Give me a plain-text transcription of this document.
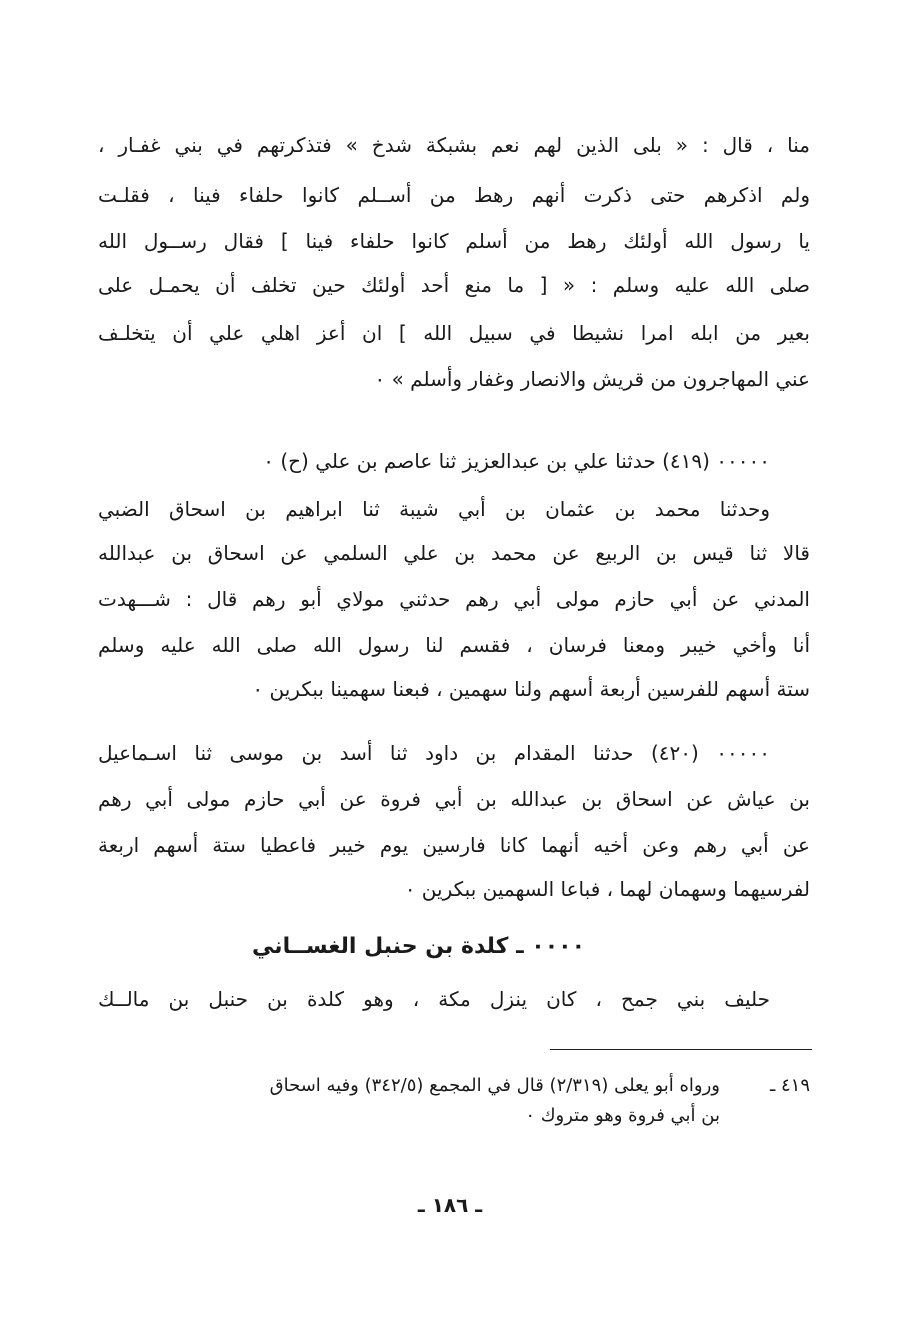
منا ، قال : « بلى الذين لهم نعم بشبكة شدخ » فتذكرتهم في بني غفـار ،
ولم اذكرهم حتى ذكرت أنهم رهط من أســلم كانوا حلفاء فينا ، فقلـت
يا رسول الله أولئك رهط من أسلم كانوا حلفاء فينا ] فقال رســول الله
صلى الله عليه وسلم : « [ ما منع أحد أولئك حين تخلف أن يحمـل على
بعير من ابله امرا نشيطا في سبيل الله ] ان أعز اهلي علي أن يتخلـف
عني المهاجرون من قريش والانصار وغفار وأسلم » ٠
٠٠٠٠٠ (٤١٩) حدثنا علي بن عبدالعزيز ثنا عاصم بن علي (ح) ٠
وحدثنا محمد بن عثمان بن أبي شيبة ثنا ابراهيم بن اسحاق الضبي
قالا ثنا قيس بن الربيع عن محمد بن علي السلمي عن اسحاق بن عبدالله
المدني عن أبي حازم مولى أبي رهم حدثني مولاي أبو رهم قال : شـــهدت
أنا وأخي خيبر ومعنا فرسان ، فقسم لنا رسول الله صلى الله عليه وسلم
ستة أسهم للفرسين أربعة أسهم ولنا سهمين ، فبعنا سهمينا ببكرين ٠
٠٠٠٠٠ (٤٢٠) حدثنا المقدام بن داود ثنا أسد بن موسى ثنا اسـماعيل
بن عياش عن اسحاق بن عبدالله بن أبي فروة عن أبي حازم مولى أبي رهم
عن أبي رهم وعن أخيه أنهما كانا فارسين يوم خيبر فاعطيا ستة أسهم اربعة
لفرسيهما وسهمان لهما ، فباعا السهمين ببكرين ٠
٠٠٠٠ ـ كلدة بن حنبل الغســاني
حليف بني جمح ، كان ينزل مكة ، وهو كلدة بن حنبل بن مالــك
٤١٩ ـورواه أبو يعلى (٢/٣١٩) قال في المجمع (٣٤٢/٥) وفيه اسحاق
بن أبي فروة وهو متروك ٠
ـ ١٨٦ ـ
